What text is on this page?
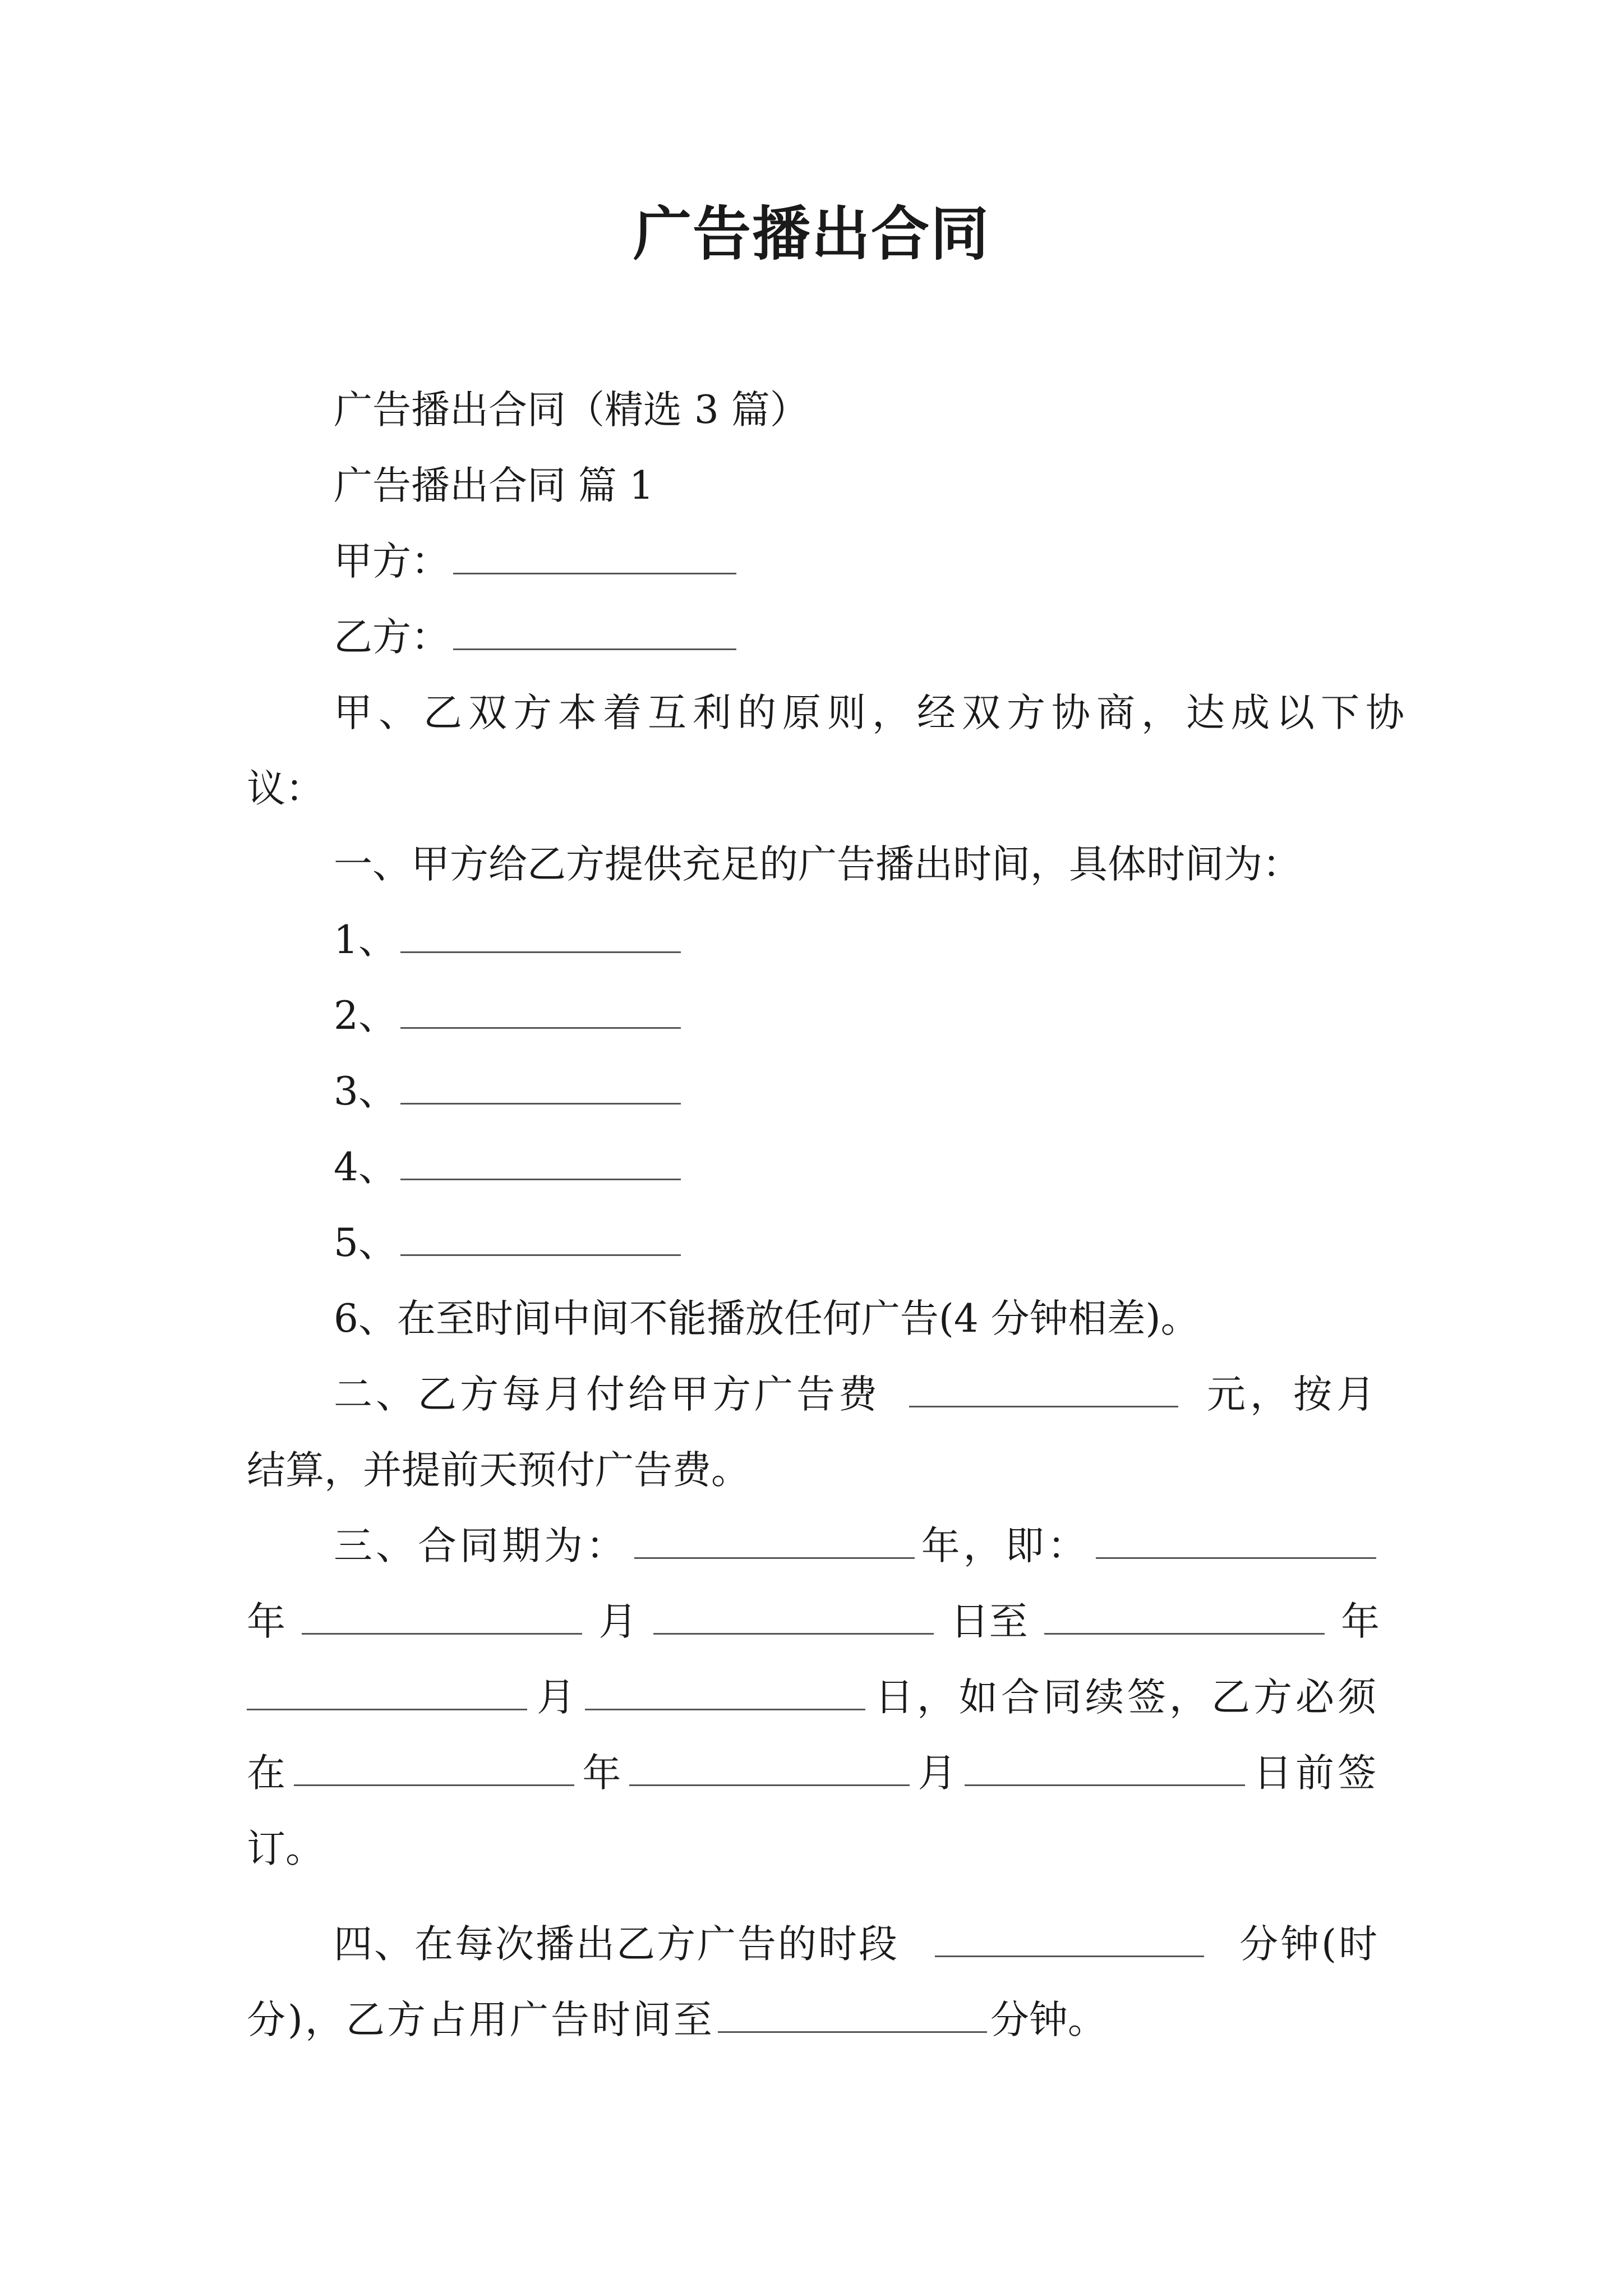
广告播出合同
广告播出合同（精选 3 篇）
广告播出合同 篇 1
甲方：
乙方：
甲、乙双方本着互利的原则，经双方协商，达成以下协
议：
一、甲方给乙方提供充足的广告播出时间，具体时间为：
1、
2、
3、
4、
5、
6、在至时间中间不能播放任何广告(4 分钟相差)。
二、乙方每月付给甲方广告费	元，按月
结算，并提前天预付广告费。
三、合同期为：	年，即：
年	月	日至	年
月	日，如合同续签，乙方必须
在	年	月	日前签
订。
四、在每次播出乙方广告的时段	分钟(时
分)，乙方占用广告时间至	分钟。
